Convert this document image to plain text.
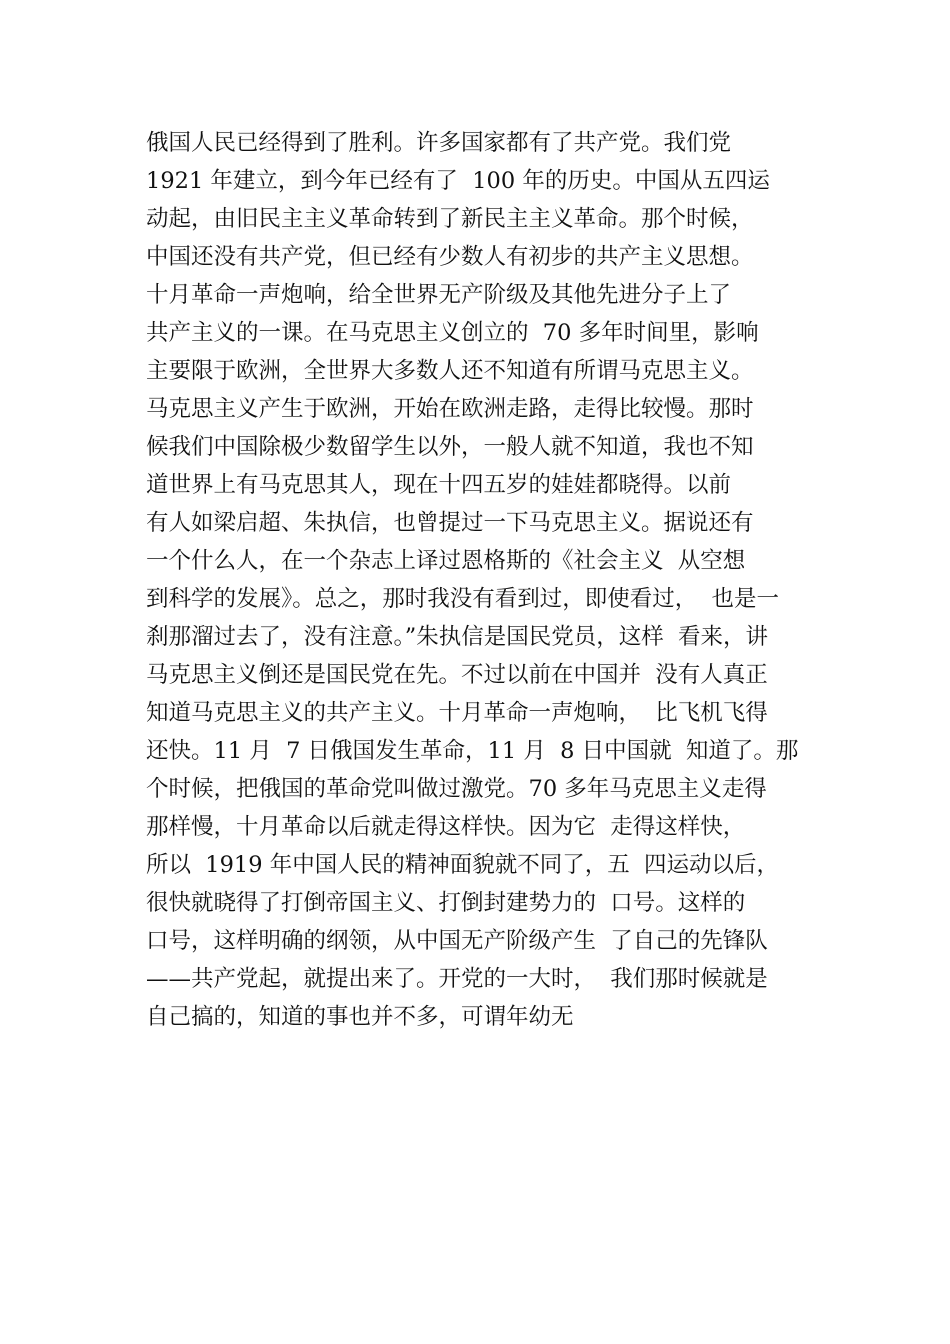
俄国人民已经得到了胜利。许多国家都有了共产党。我们党
1921 年建立，到今年已经有了  100 年的历史。中国从五四运
动起，由旧民主主义革命转到了新民主主义革命。那个时候，
中国还没有共产党，但已经有少数人有初步的共产主义思想。
十月革命一声炮响，给全世界无产阶级及其他先进分子上了
共产主义的一课。在马克思主义创立的  70 多年时间里，影响
主要限于欧洲，全世界大多数人还不知道有所谓马克思主义。
马克思主义产生于欧洲，开始在欧洲走路，走得比较慢。那时
候我们中国除极少数留学生以外，一般人就不知道，我也不知
道世界上有马克思其人，现在十四五岁的娃娃都晓得。以前
有人如梁启超、朱执信，也曾提过一下马克思主义。据说还有
一个什么人，在一个杂志上译过恩格斯的《社会主义  从空想
到科学的发展》。总之，那时我没有看到过，即使看过，  也是一
刹那溜过去了，没有注意。”朱执信是国民党员，这样  看来，讲
马克思主义倒还是国民党在先。不过以前在中国并  没有人真正
知道马克思主义的共产主义。十月革命一声炮响，  比飞机飞得
还快。11 月  7 日俄国发生革命，11 月  8 日中国就  知道了。那
个时候，把俄国的革命党叫做过激党。70 多年马克思主义走得
那样慢，十月革命以后就走得这样快。因为它  走得这样快，
所以  1919 年中国人民的精神面貌就不同了，五  四运动以后，
很快就晓得了打倒帝国主义、打倒封建势力的  口号。这样的
口号，这样明确的纲领，从中国无产阶级产生  了自己的先锋队
——共产党起，就提出来了。开党的一大时，  我们那时候就是
自己搞的，知道的事也并不多，可谓年幼无
